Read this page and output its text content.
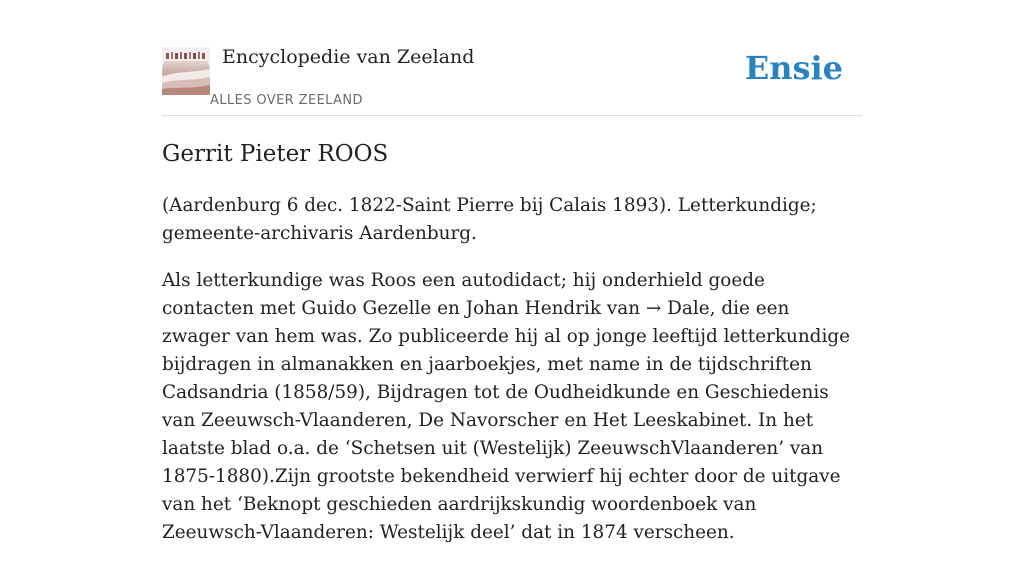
Encyclopedie van Zeeland
ALLES OVER ZEELAND
Ensie
Gerrit Pieter ROOS

(Aardenburg 6 dec. 1822-Saint Pierre bij Calais 1893). Letterkundige; gemeente-archivaris Aardenburg.

Als letterkundige was Roos een autodidact; hij onderhield goede contacten met Guido Gezelle en Johan Hendrik van → Dale, die een zwager van hem was. Zo publiceerde hij al op jonge leeftijd letterkundige bijdragen in almanakken en jaarboekjes, met name in de tijdschriften Cadsandria (1858/59), Bijdragen tot de Oudheidkunde en Geschiedenis van Zeeuwsch-Vlaanderen, De Navorscher en Het Leeskabinet. In het laatste blad o.a. de ‘Schetsen uit (Westelijk) ZeeuwschVlaanderen’ van 1875-1880).Zijn grootste bekendheid verwierf hij echter door de uitgave van het ‘Beknopt geschieden aardrijkskundig woordenboek van Zeeuwsch-Vlaanderen: Westelijk deel’ dat in 1874 verscheen.
